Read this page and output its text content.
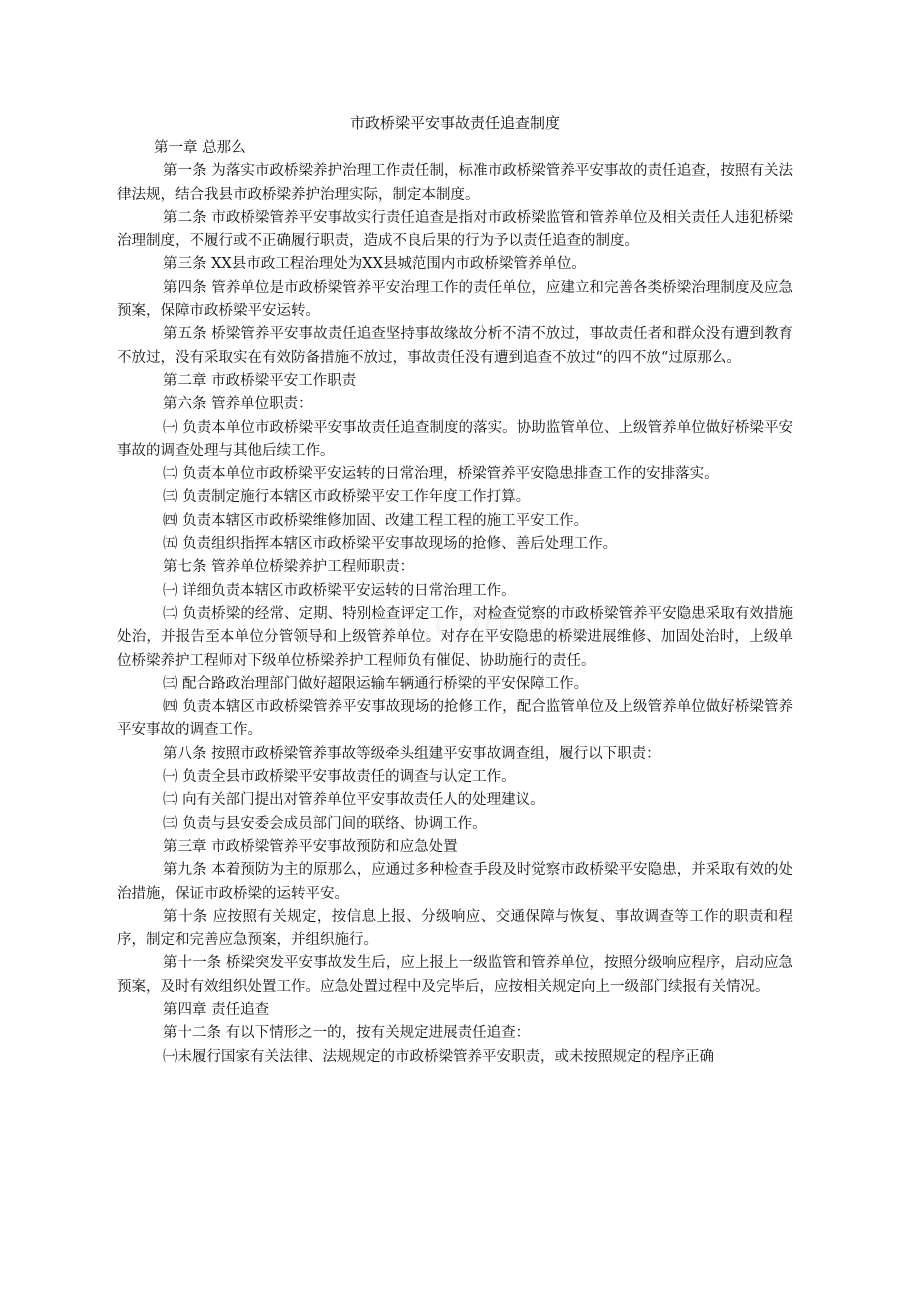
市政桥梁平安事故责任追查制度

第一章 总那么

第一条 为落实市政桥梁养护治理工作责任制，标准市政桥梁管养平安事故的责任追查，按照有关法律法规，结合我县市政桥梁养护治理实际，制定本制度。

第二条 市政桥梁管养平安事故实行责任追查是指对市政桥梁监管和管养单位及相关责任人违犯桥梁治理制度，不履行或不正确履行职责，造成不良后果的行为予以责任追查的制度。

第三条 XX县市政工程治理处为XX县城范围内市政桥梁管养单位。

第四条 管养单位是市政桥梁管养平安治理工作的责任单位，应建立和完善各类桥梁治理制度及应急预案，保障市政桥梁平安运转。

第五条 桥梁管养平安事故责任追查坚持事故缘故分析不清不放过，事故责任者和群众没有遭到教育不放过，没有采取实在有效防备措施不放过，事故责任没有遭到追查不放过“的四不放“过原那么。

第二章 市政桥梁平安工作职责

第六条 管养单位职责：

㈠ 负责本单位市政桥梁平安事故责任追查制度的落实。协助监管单位、上级管养单位做好桥梁平安事故的调查处理与其他后续工作。

㈡ 负责本单位市政桥梁平安运转的日常治理，桥梁管养平安隐患排查工作的安排落实。

㈢ 负责制定施行本辖区市政桥梁平安工作年度工作打算。

㈣ 负责本辖区市政桥梁维修加固、改建工程工程的施工平安工作。

㈤ 负责组织指挥本辖区市政桥梁平安事故现场的抢修、善后处理工作。

第七条 管养单位桥梁养护工程师职责：

㈠ 详细负责本辖区市政桥梁平安运转的日常治理工作。

㈡ 负责桥梁的经常、定期、特别检查评定工作，对检查觉察的市政桥梁管养平安隐患采取有效措施处治，并报告至本单位分管领导和上级管养单位。对存在平安隐患的桥梁进展维修、加固处治时，上级单位桥梁养护工程师对下级单位桥梁养护工程师负有催促、协助施行的责任。

㈢ 配合路政治理部门做好超限运输车辆通行桥梁的平安保障工作。

㈣ 负责本辖区市政桥梁管养平安事故现场的抢修工作，配合监管单位及上级管养单位做好桥梁管养平安事故的调查工作。

第八条 按照市政桥梁管养事故等级牵头组建平安事故调查组，履行以下职责：

㈠ 负责全县市政桥梁平安事故责任的调查与认定工作。

㈡ 向有关部门提出对管养单位平安事故责任人的处理建议。

㈢ 负责与县安委会成员部门间的联络、协调工作。

第三章 市政桥梁管养平安事故预防和应急处置

第九条 本着预防为主的原那么，应通过多种检查手段及时觉察市政桥梁平安隐患，并采取有效的处治措施，保证市政桥梁的运转平安。

第十条 应按照有关规定，按信息上报、分级响应、交通保障与恢复、事故调查等工作的职责和程序，制定和完善应急预案，并组织施行。

第十一条 桥梁突发平安事故发生后，应上报上一级监管和管养单位，按照分级响应程序，启动应急预案，及时有效组织处置工作。应急处置过程中及完毕后，应按相关规定向上一级部门续报有关情况。

第四章 责任追查

第十二条 有以下情形之一的，按有关规定进展责任追查：

㈠未履行国家有关法律、法规规定的市政桥梁管养平安职责，或未按照规定的程序正确
